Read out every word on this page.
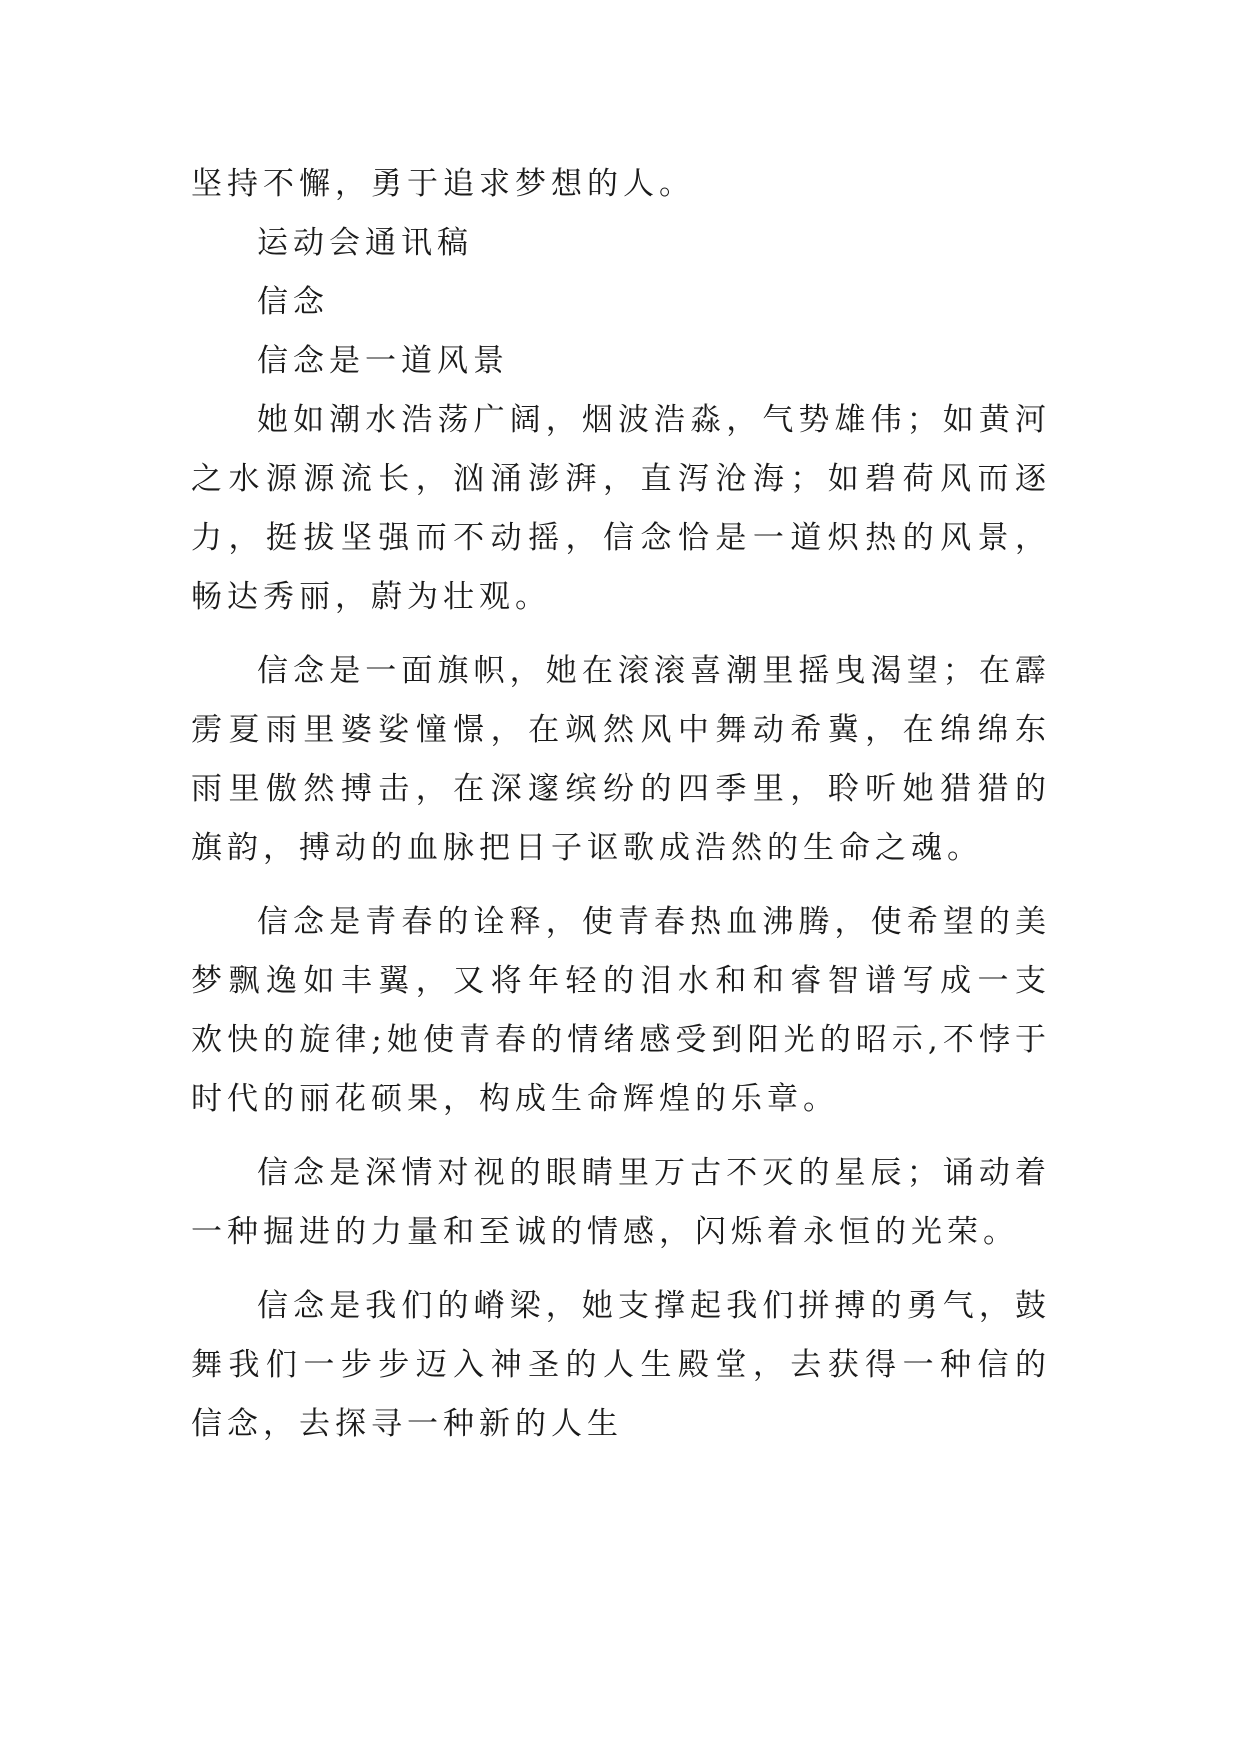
坚持不懈，勇于追求梦想的人。

运动会通讯稿

信念

信念是一道风景

她如潮水浩荡广阔，烟波浩淼，气势雄伟；如黄河之水源源流长，汹涌澎湃，直泻沧海；如碧荷风而逐力，挺拔坚强而不动摇，信念恰是一道炽热的风景，畅达秀丽，蔚为壮观。

信念是一面旗帜，她在滚滚喜潮里摇曳渴望；在霹雳夏雨里婆娑憧憬，在飒然风中舞动希冀，在绵绵东雨里傲然搏击，在深邃缤纷的四季里，聆听她猎猎的旗韵，搏动的血脉把日子讴歌成浩然的生命之魂。

信念是青春的诠释，使青春热血沸腾，使希望的美梦飘逸如丰翼，又将年轻的泪水和和睿智谱写成一支欢快的旋律;她使青春的情绪感受到阳光的昭示,不悖于时代的丽花硕果，构成生命辉煌的乐章。

信念是深情对视的眼睛里万古不灭的星辰；诵动着一种掘进的力量和至诚的情感，闪烁着永恒的光荣。

信念是我们的嵴梁，她支撑起我们拼搏的勇气，鼓舞我们一步步迈入神圣的人生殿堂，去获得一种信的信念，去探寻一种新的人生
